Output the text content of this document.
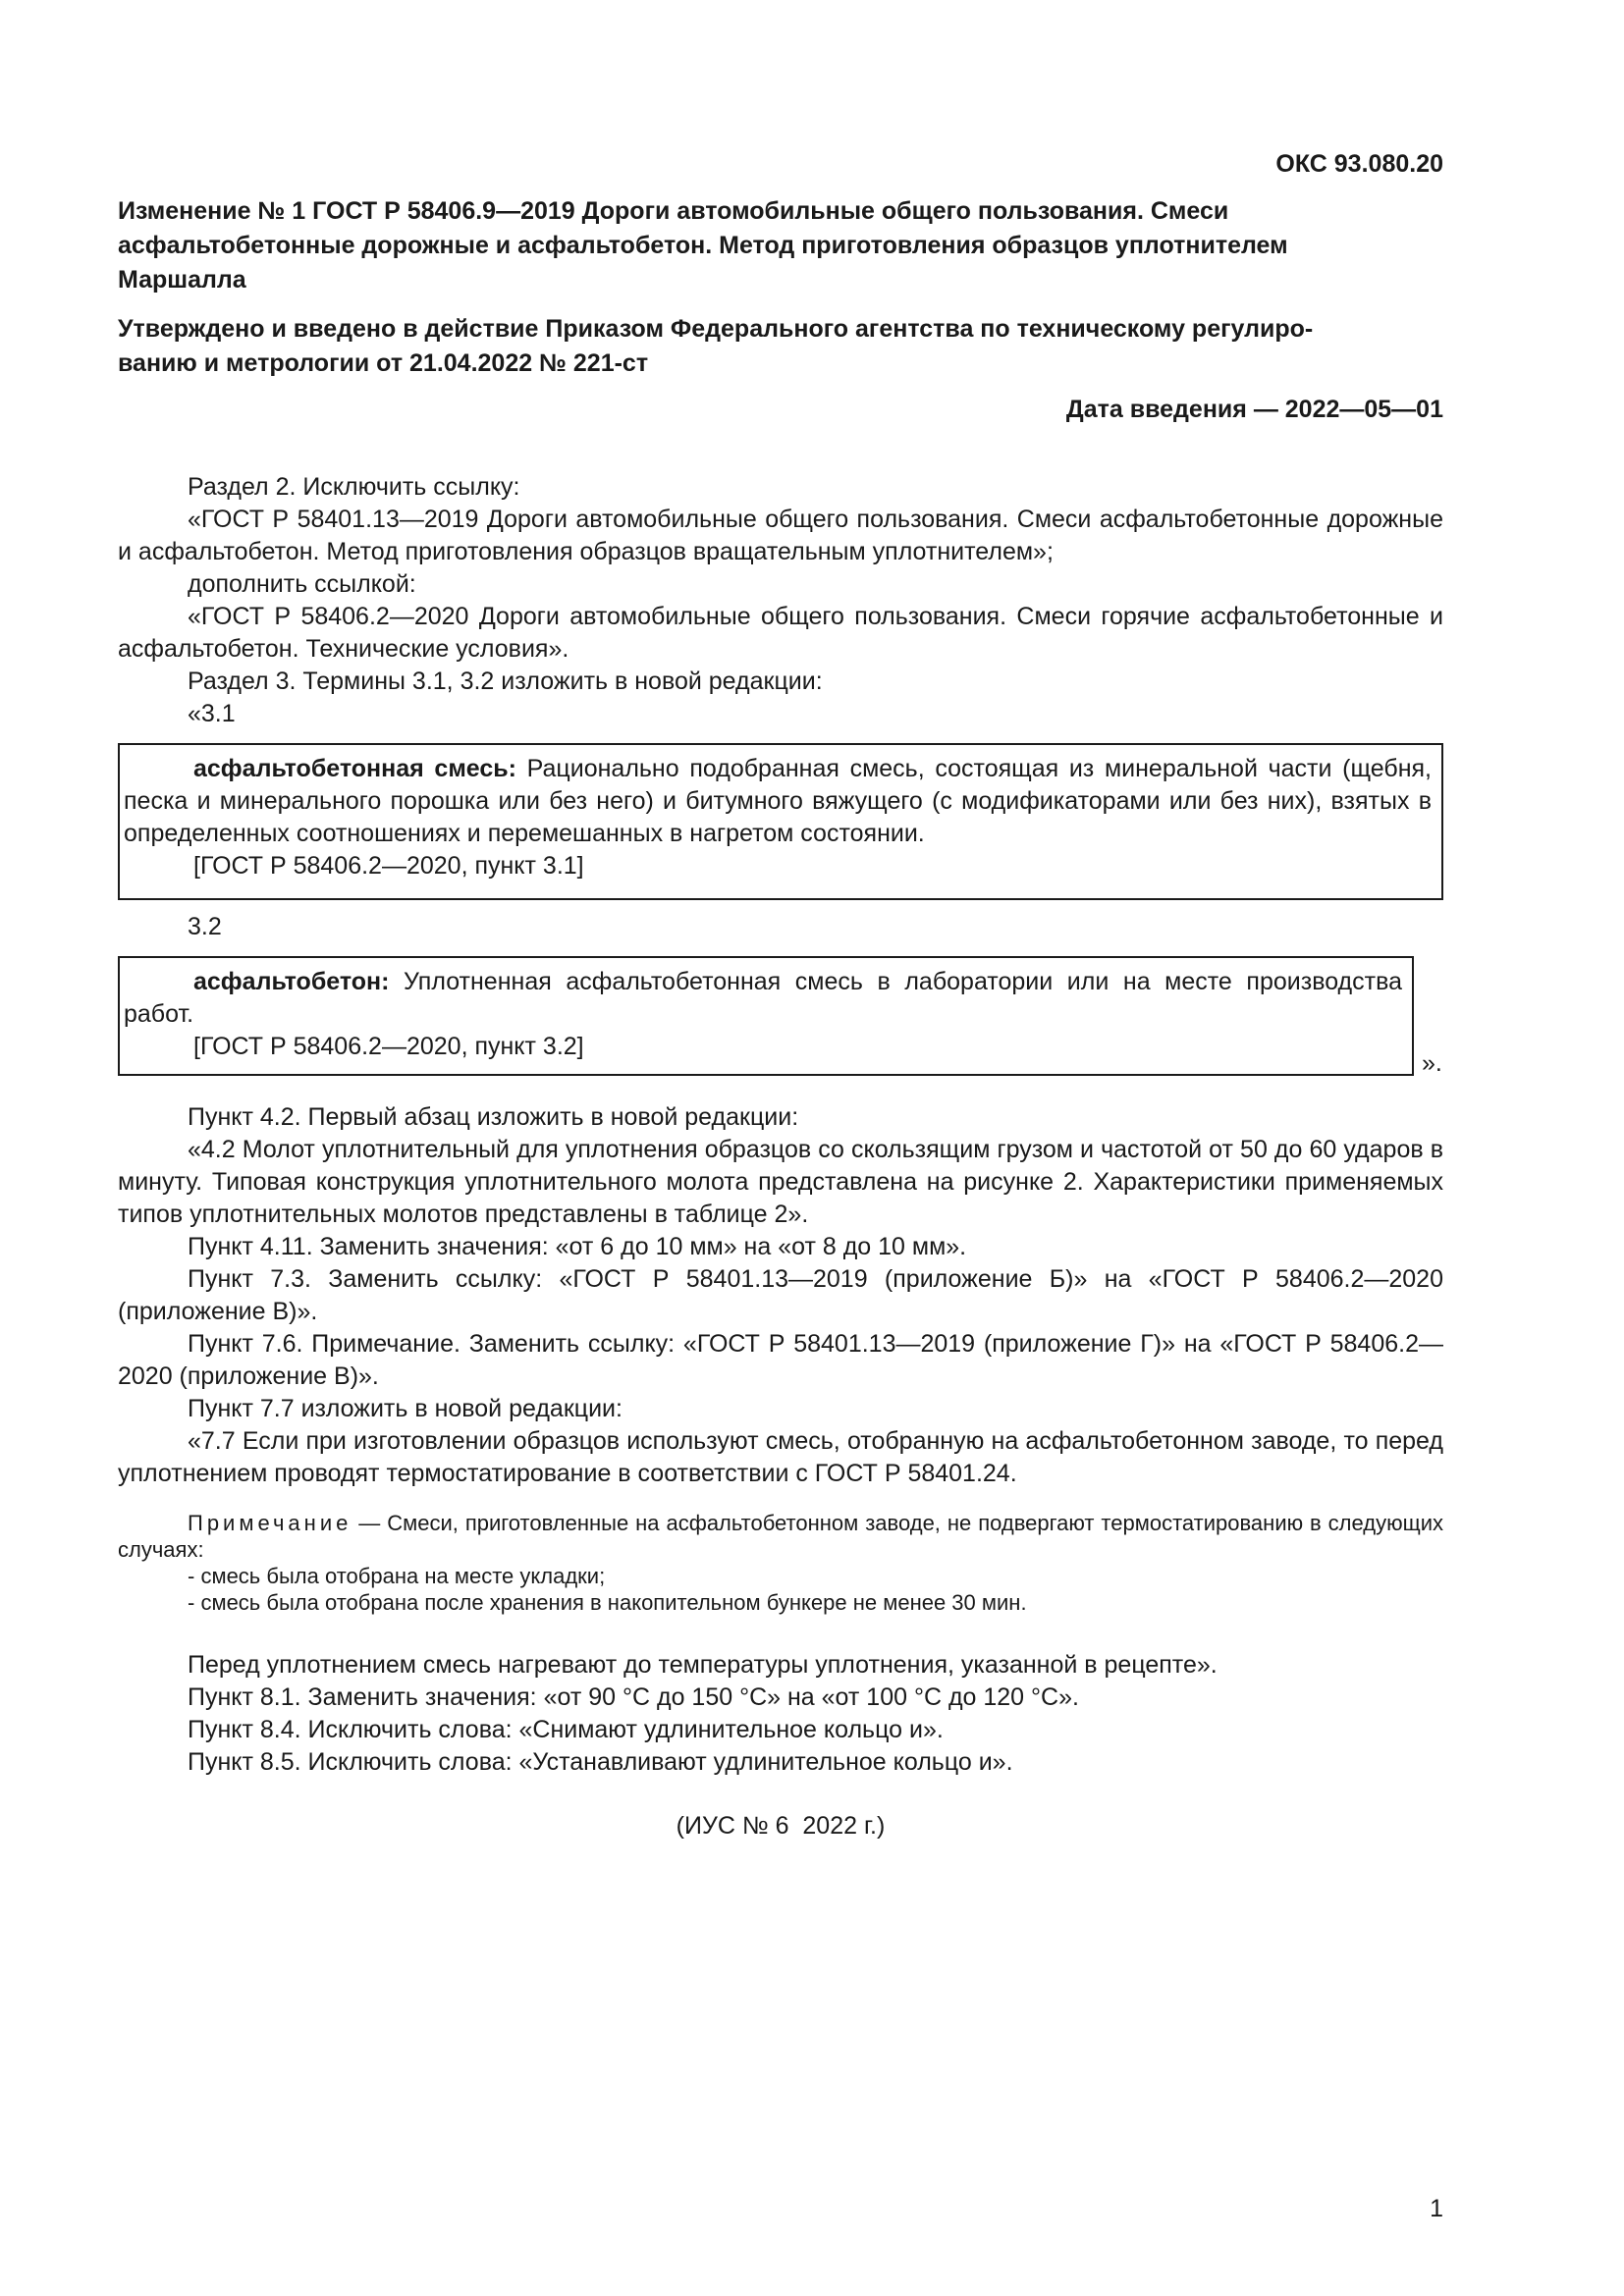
ОКС 93.080.20

Изменение № 1 ГОСТ Р 58406.9—2019 Дороги автомобильные общего пользования. Смеси

асфальтобетонные дорожные и асфальтобетон. Метод приготовления образцов уплотнителем

Маршалла

Утверждено и введено в действие Приказом Федерального агентства по техническому регулиро-

ванию и метрологии от 21.04.2022 № 221-ст

Дата введения — 2022—05—01

Раздел 2. Исключить ссылку:

«ГОСТ Р 58401.13—2019 Дороги автомобильные общего пользования. Смеси асфальтобетонные дорожные и асфальтобетон. Метод приготовления образцов вращательным уплотнителем»;

дополнить ссылкой:

«ГОСТ Р 58406.2—2020 Дороги автомобильные общего пользования. Смеси горячие асфальтобетонные и асфальтобетон. Технические условия».

Раздел 3. Термины 3.1, 3.2 изложить в новой редакции:

«3.1

асфальтобетонная смесь: Рационально подобранная смесь, состоящая из минеральной части (щебня, песка и минерального порошка или без него) и битумного вяжущего (с модификаторами или без них), взятых в определенных соотношениях и перемешанных в нагретом состоянии.

[ГОСТ Р 58406.2—2020, пункт 3.1]

3.2

асфальтобетон: Уплотненная асфальтобетонная смесь в лаборатории или на месте производства работ.

[ГОСТ Р 58406.2—2020, пункт 3.2]

».

Пункт 4.2. Первый абзац изложить в новой редакции:

«4.2 Молот уплотнительный для уплотнения образцов со скользящим грузом и частотой от 50 до 60 ударов в минуту. Типовая конструкция уплотнительного молота представлена на рисунке 2. Характеристики применяемых типов уплотнительных молотов представлены в таблице 2».

Пункт 4.11. Заменить значения: «от 6 до 10 мм» на «от 8 до 10 мм».

Пункт 7.3. Заменить ссылку: «ГОСТ Р 58401.13—2019 (приложение Б)» на «ГОСТ Р 58406.2—2020 (приложение В)».

Пункт 7.6. Примечание. Заменить ссылку: «ГОСТ Р 58401.13—2019 (приложение Г)» на «ГОСТ Р 58406.2—2020 (приложение В)».

Пункт 7.7 изложить в новой редакции:

«7.7 Если при изготовлении образцов используют смесь, отобранную на асфальтобетонном заводе, то перед уплотнением проводят термостатирование в соответствии с ГОСТ Р 58401.24.

Примечание — Смеси, приготовленные на асфальтобетонном заводе, не подвергают термостатированию в следующих случаях:

- смесь была отобрана на месте укладки;

- смесь была отобрана после хранения в накопительном бункере не менее 30 мин.

Перед уплотнением смесь нагревают до температуры уплотнения, указанной в рецепте».

Пункт 8.1. Заменить значения: «от 90 °С до 150 °С» на «от 100 °С до 120 °С».

Пункт 8.4. Исключить слова: «Снимают удлинительное кольцо и».

Пункт 8.5. Исключить слова: «Устанавливают удлинительное кольцо и».

(ИУС № 6  2022 г.)

1
